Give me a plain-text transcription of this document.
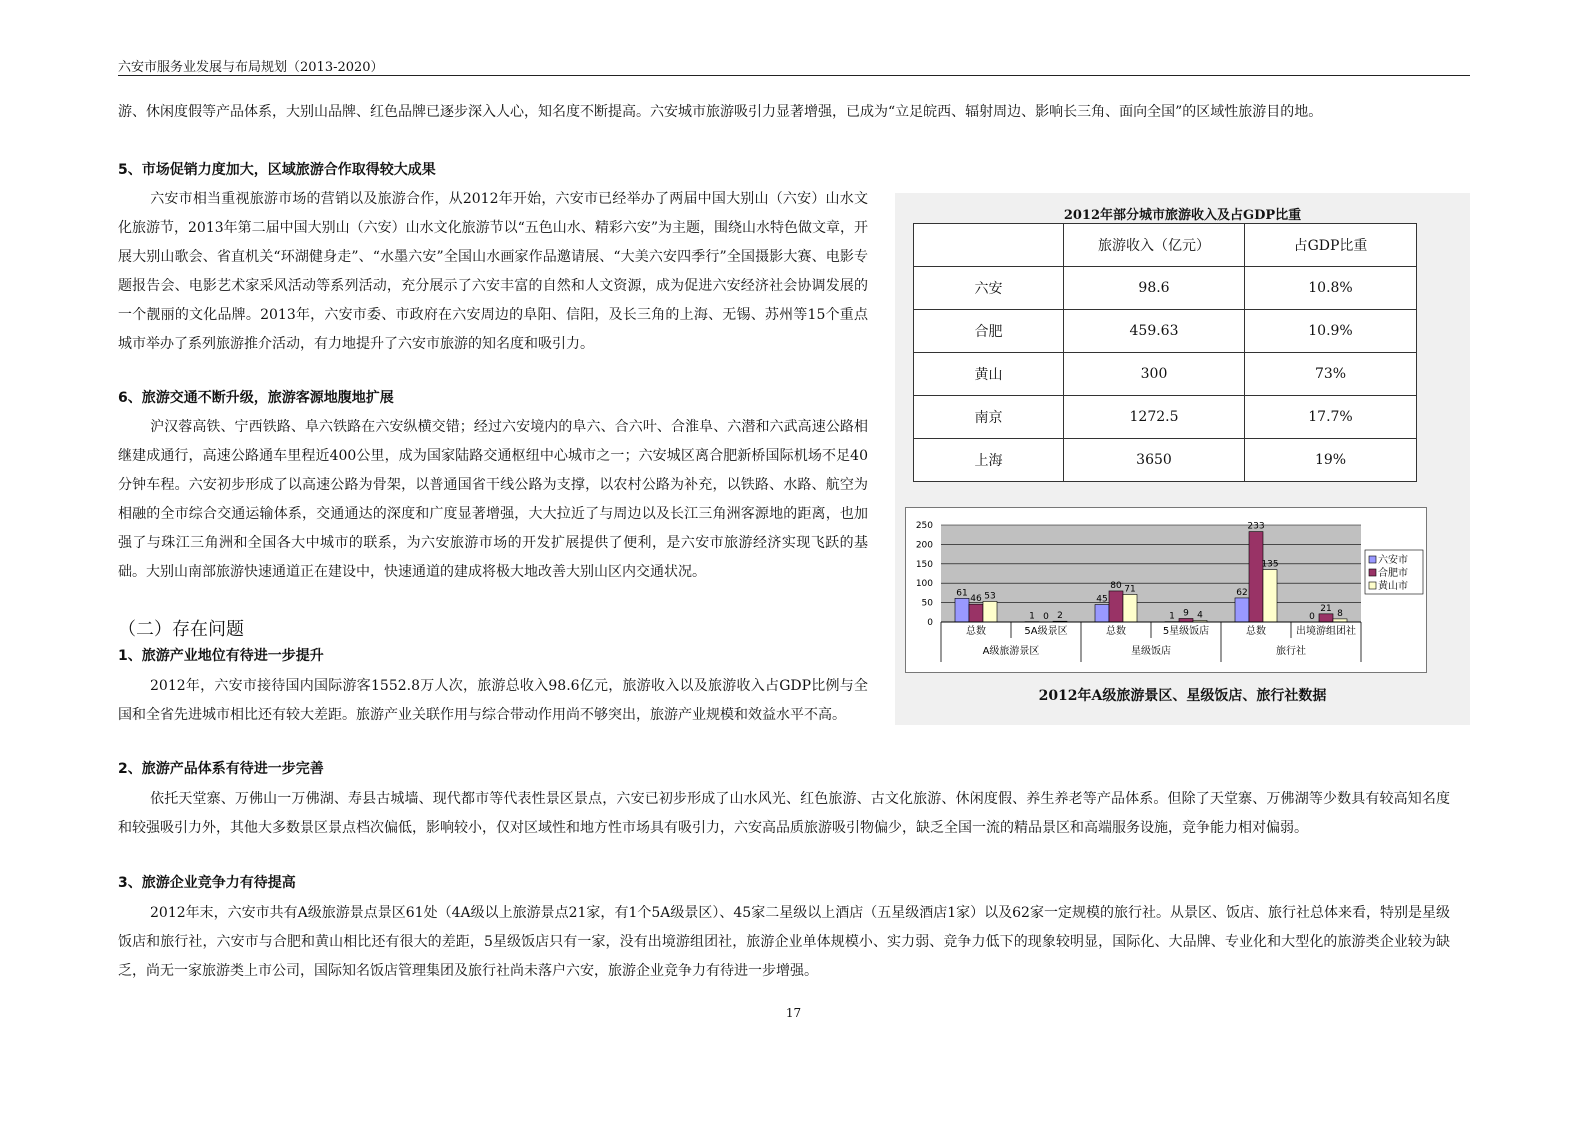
六安市服务业发展与布局规划（2013-2020）
游、休闲度假等产品体系，大别山品牌、红色品牌已逐步深入人心，知名度不断提高。六安城市旅游吸引力显著增强，已成为“立足皖西、辐射周边、影响长三角、面向全国”的区域性旅游目的地。
5、市场促销力度加大，区域旅游合作取得较大成果
六安市相当重视旅游市场的营销以及旅游合作，从2012年开始，六安市已经举办了两届中国大别山（六安）山水文化旅游节，2013年第二届中国大别山（六安）山水文化旅游节以“五色山水、精彩六安”为主题，围绕山水特色做文章，开展大别山歌会、省直机关“环湖健身走”、“水墨六安”全国山水画家作品邀请展、“大美六安四季行”全国摄影大赛、电影专题报告会、电影艺术家采风活动等系列活动，充分展示了六安丰富的自然和人文资源，成为促进六安经济社会协调发展的一个靓丽的文化品牌。2013年，六安市委、市政府在六安周边的阜阳、信阳，及长三角的上海、无锡、苏州等15个重点城市举办了系列旅游推介活动，有力地提升了六安市旅游的知名度和吸引力。
6、旅游交通不断升级，旅游客源地腹地扩展
沪汉蓉高铁、宁西铁路、阜六铁路在六安纵横交错；经过六安境内的阜六、合六叶、合淮阜、六潜和六武高速公路相继建成通行，高速公路通车里程近400公里，成为国家陆路交通枢纽中心城市之一；六安城区离合肥新桥国际机场不足40分钟车程。六安初步形成了以高速公路为骨架，以普通国省干线公路为支撑，以农村公路为补充，以铁路、水路、航空为相融的全市综合交通运输体系，交通通达的深度和广度显著增强，大大拉近了与周边以及长江三角洲客源地的距离，也加强了与珠江三角洲和全国各大中城市的联系，为六安旅游市场的开发扩展提供了便利，是六安市旅游经济实现飞跃的基础。大别山南部旅游快速通道正在建设中，快速通道的建成将极大地改善大别山区内交通状况。
（二）存在问题
1、旅游产业地位有待进一步提升
2012年，六安市接待国内国际游客1552.8万人次，旅游总收入98.6亿元，旅游收入以及旅游收入占GDP比例与全国和全省先进城市相比还有较大差距。旅游产业关联作用与综合带动作用尚不够突出，旅游产业规模和效益水平不高。
2、旅游产品体系有待进一步完善
依托天堂寨、万佛山一万佛湖、寿县古城墙、现代都市等代表性景区景点，六安已初步形成了山水风光、红色旅游、古文化旅游、休闲度假、养生养老等产品体系。但除了天堂寨、万佛湖等少数具有较高知名度和较强吸引力外，其他大多数景区景点档次偏低，影响较小，仅对区域性和地方性市场具有吸引力，六安高品质旅游吸引物偏少，缺乏全国一流的精品景区和高端服务设施，竞争能力相对偏弱。
3、旅游企业竞争力有待提高
2012年末，六安市共有A级旅游景点景区61处（4A级以上旅游景点21家，有1个5A级景区）、45家二星级以上酒店（五星级酒店1家）以及62家一定规模的旅行社。从景区、饭店、旅行社总体来看，特别是星级饭店和旅行社，六安市与合肥和黄山相比还有很大的差距，5星级饭店只有一家，没有出境游组团社，旅游企业单体规模小、实力弱、竞争力低下的现象较明显，国际化、大品牌、专业化和大型化的旅游类企业较为缺乏，尚无一家旅游类上市公司，国际知名饭店管理集团及旅行社尚未落户六安，旅游企业竞争力有待进一步增强。
2012年部分城市旅游收入及占GDP比重
	旅游收入（亿元）	占GDP比重
六安	98.6	10.8%
合肥	459.63	10.9%
黄山	300	73%
南京	1272.5	17.7%
上海	3650	19%
0
50
100
150
200
250
61
1
45
1
62
0
46
0
80
9
233
21
53
2
71
4
135
8
总数	5A级景区	总数	5星级饭店	总数	出境游组团社
A级旅游景区	星级饭店	旅行社
六安市
合肥市
黄山市
2012年A级旅游景区、星级饭店、旅行社数据
17
